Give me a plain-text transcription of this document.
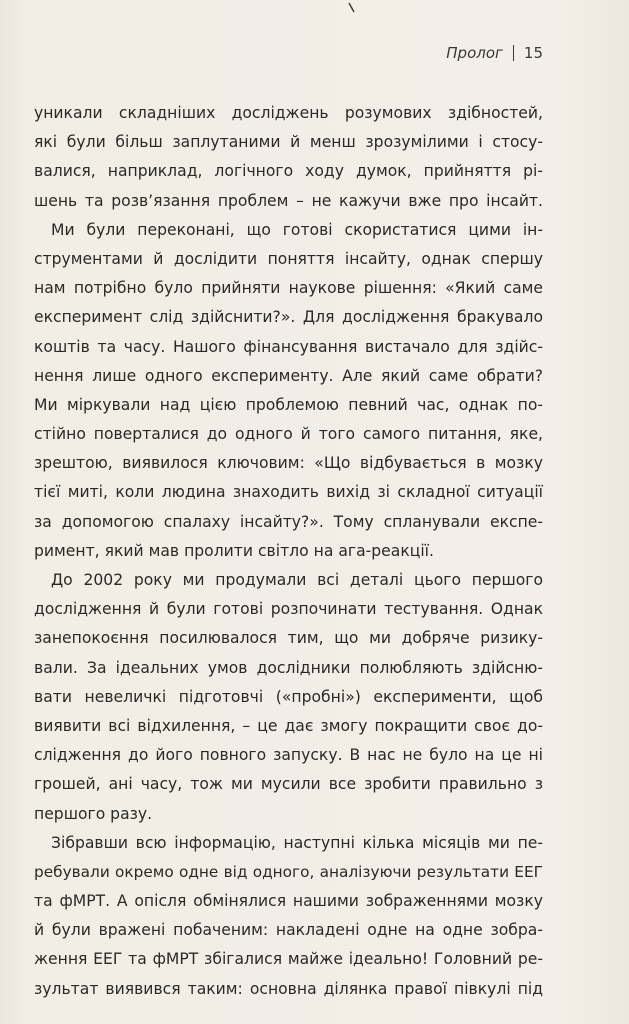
Пролог 15

уникали складніших досліджень розумових здібностей,
які були більш заплутаними й менш зрозумілими і стосу-
валися, наприклад, логічного ходу думок, прийняття рі-
шень та розв’язання проблем – не кажучи вже про інсайт.

Ми були переконані, що готові скористатися цими ін-
струментами й дослідити поняття інсайту, однак спершу
нам потрібно було прийняти наукове рішення: «Який саме
експеримент слід здійснити?». Для дослідження бракувало
коштів та часу. Нашого фінансування вистачало для здійс-
нення лише одного експерименту. Але який саме обрати?
Ми міркували над цією проблемою певний час, однак по-
стійно поверталися до одного й того самого питання, яке,
зрештою, виявилося ключовим: «Що відбувається в мозку
тієї миті, коли людина знаходить вихід зі складної ситуації
за допомогою спалаху інсайту?». Тому спланували експе-
римент, який мав пролити світло на ага-реакції.

До 2002 року ми продумали всі деталі цього першого
дослідження й були готові розпочинати тестування. Однак
занепокоєння посилювалося тим, що ми добряче ризику-
вали. За ідеальних умов дослідники полюбляють здійсню-
вати невеличкі підготовчі («пробні») експерименти, щоб
виявити всі відхилення, – це дає змогу покращити своє до-
слідження до його повного запуску. В нас не було на це ні
грошей, ані часу, тож ми мусили все зробити правильно з
першого разу.

Зібравши всю інформацію, наступні кілька місяців ми пе-
ребували окремо одне від одного, аналізуючи результати ЕЕГ
та фМРТ. А опісля обмінялися нашими зображеннями мозку
й були вражені побаченим: накладені одне на одне зобра-
ження ЕЕГ та фМРТ збігалися майже ідеально! Головний ре-
зультат виявився таким: основна ділянка правої півкулі під
